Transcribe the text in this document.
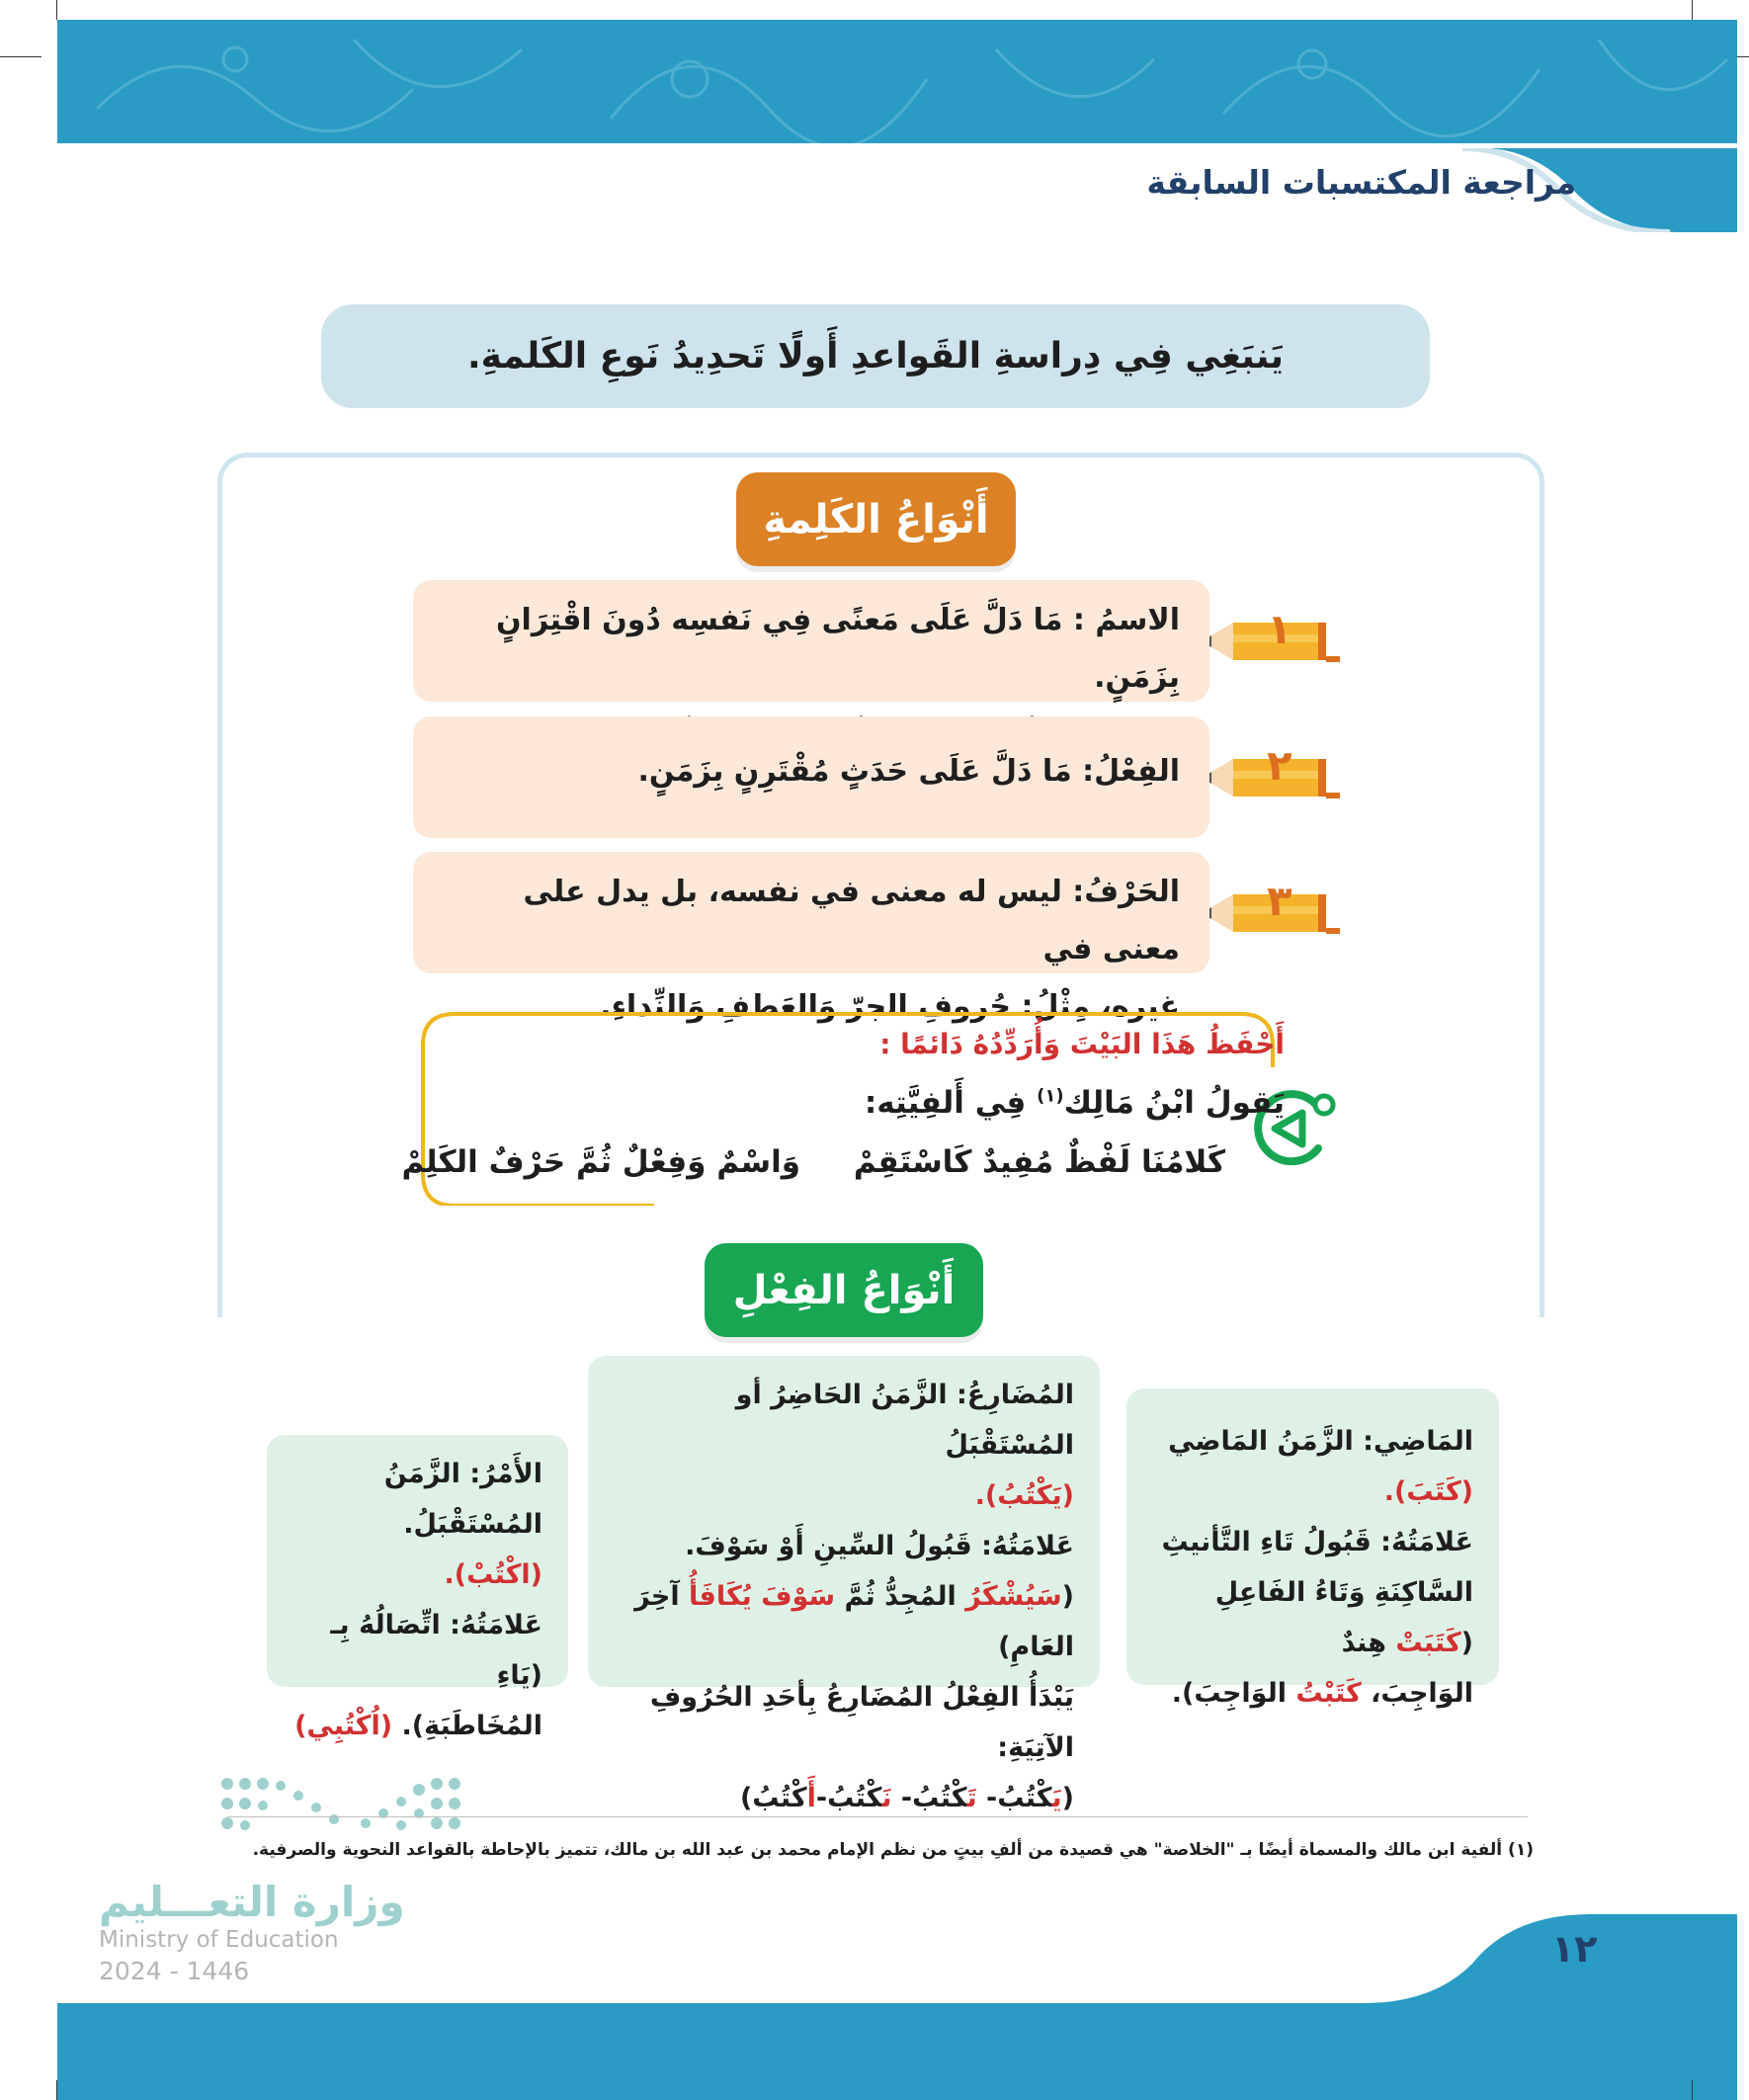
مراجعة المكتسبات السابقة
يَنبَغِي فِي دِراسةِ القَواعدِ أَولًا تَحدِيدُ نَوعِ الكَلمةِ.
أَنْوَاعُ الكَلِمةِ
١
٢
٣
الاسمُ : مَا دَلَّ عَلَى مَعنًى فِي نَفسِه دُونَ اقْتِرَانٍ بِزَمَنٍ.
الفِعْلُ: مَا دَلَّ عَلَى حَدَثٍ مُقْتَرِنٍ بِزَمَنٍ.
الحَرْفُ: ليس له معنى في نفسه، بل يدل على معنى في
غيره، مِثْلُ: حُروفِ الجرّ وَالعَطفِ وَالنِّداءِ.
أَحْفَظُ هَذَا البَيْتَ وَأُرَدِّدُهُ دَائمًا :
يَقولُ ابْنُ مَالِك$^{(١)}$ فِي أَلفِيَّتِه:
كَلامُنَا لَفْظٌ مُفِيدٌ كَاسْتَقِمْ
وَاسْمٌ وَفِعْلٌ ثُمَّ حَرْفٌ الكَلِمْ
أَنْوَاعُ الفِعْلِ
المَاضِي: الزَّمَنُ المَاضِي
(كَتَبَ).
عَلامَتُهُ: قَبُولُ تَاءِ التَّأنيثِ
السَّاكِنَةِ وَتَاءُ الفَاعِلِ (كَتَبَتْ هِندٌ
الوَاجِبَ، كَتَبْتُ الوَاجِبَ).
المُضَارِعُ: الزَّمَنُ الحَاضِرُ أو المُسْتَقْبَلُ
(يَكْتُبُ).
عَلامَتُهُ: قَبُولُ السِّينِ أَوْ سَوْفَ.
(سَيُشْكَرُ المُجِدُّ ثُمَّ سَوْفَ يُكَافَأُ آخِرَ العَامِ)
يَبْدَأُ الفِعْلُ المُضَارِعُ بِأحَدِ الحُرُوفِ الآتِيَةِ:
(يَكْتُبُ- تَكْتُبُ- نَكْتُبُ-أَكْتُبُ)
الأَمْرُ: الزَّمَنُ المُسْتَقْبَلُ.
(اكْتُبْ).
عَلامَتُهُ: اتِّصَالُهُ بِـ (يَاءِ
المُخَاطَبَةِ). (اُكْتُبِي)
(١) ألفية ابن مالك والمسماة أيضًا بـ "الخلاصة" هي قصيدة من ألفِ بيتٍ من نظم الإمام محمد بن عبد الله بن مالك، تتميز بالإحاطة بالقواعد النحوية والصرفية.
وزارة التعـــليم
Ministry of Education
2024 - 1446
١٢
